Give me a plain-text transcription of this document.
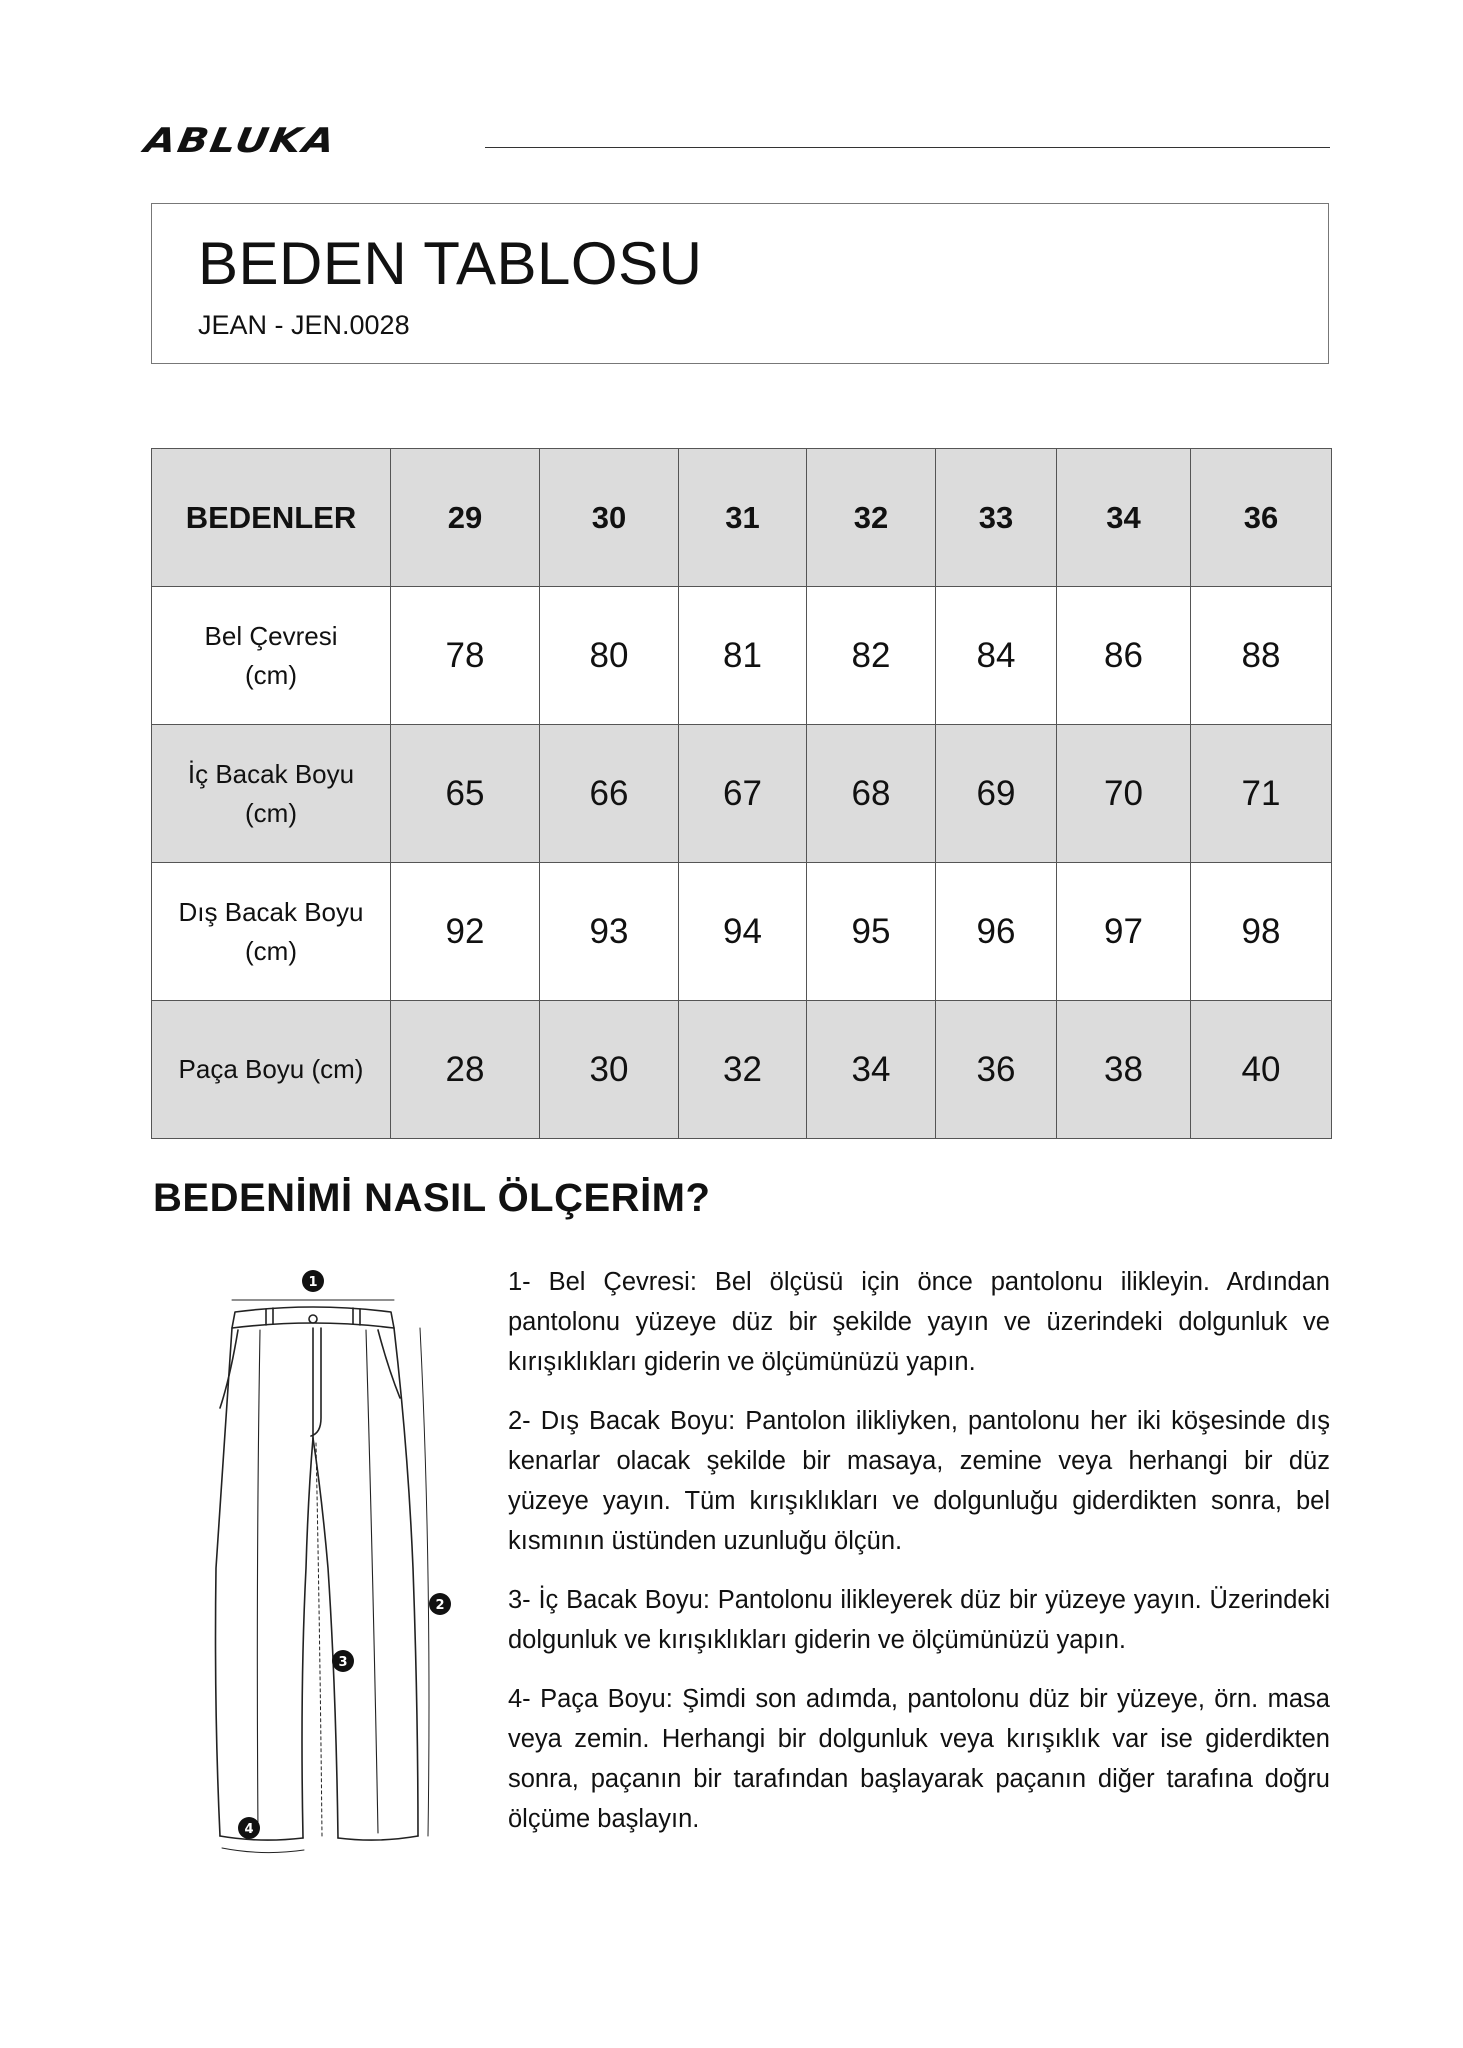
ABLUKA
BEDEN TABLOSU
JEAN - JEN.0028
BEDENLER	29	30	31	32	33	34	36
Bel Çevresi
(cm)	78	80	81	82	84	86	88
İç Bacak Boyu
(cm)	65	66	67	68	69	70	71
Dış Bacak Boyu
(cm)	92	93	94	95	96	97	98
Paça Boyu (cm)	28	30	32	34	36	38	40
BEDENİMİ NASIL ÖLÇERİM?
1
2
3
4

1- Bel Çevresi: Bel ölçüsü için önce pantolonu ilikleyin. Ardından pantolonu yüzeye düz bir şekilde yayın ve üzerindeki dolgunluk ve kırışıklıkları giderin ve ölçümünüzü yapın.

2- Dış Bacak Boyu: Pantolon ilikliyken, pantolonu her iki köşesinde dış kenarlar olacak şekilde bir masaya, zemine veya herhangi bir düz yüzeye yayın. Tüm kırışıklıkları ve dolgunluğu giderdikten sonra, bel kısmının üstünden uzunluğu ölçün.

3- İç Bacak Boyu: Pantolonu ilikleyerek düz bir yüzeye yayın. Üzerindeki dolgunluk ve kırışıklıkları giderin ve ölçümünüzü yapın.

4- Paça Boyu: Şimdi son adımda, pantolonu düz bir yüzeye, örn. masa veya zemin. Herhangi bir dolgunluk veya kırışıklık var ise giderdikten sonra, paçanın bir tarafından başlayarak paçanın diğer tarafına doğru ölçüme başlayın.
